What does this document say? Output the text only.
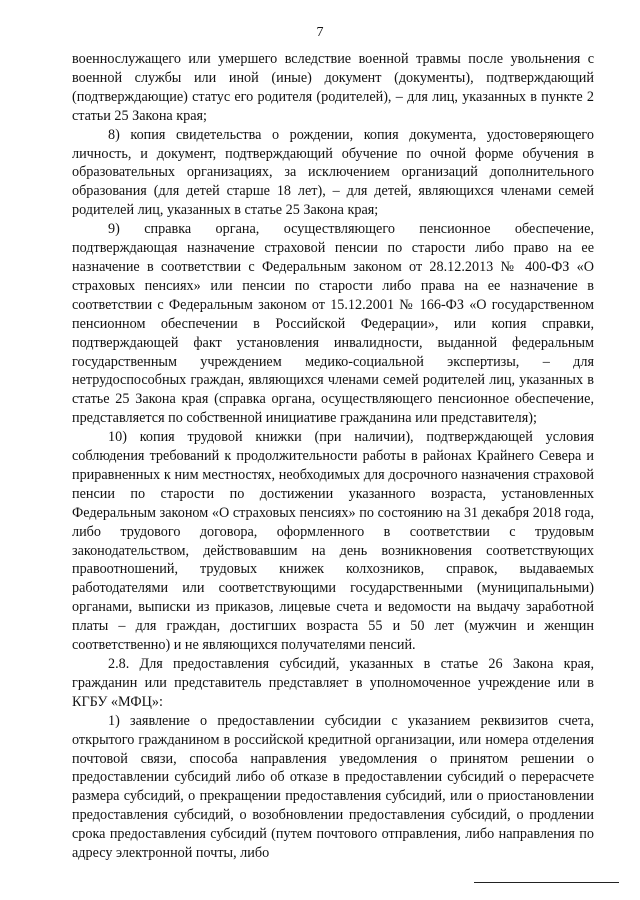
7

военнослужащего или умершего вследствие военной травмы после увольнения с военной службы или иной (иные) документ (документы), подтверждающий (подтверждающие) статус его родителя (родителей), – для лиц, указанных в пункте 2 статьи 25 Закона края;

8) копия свидетельства о рождении, копия документа, удостоверяющего личность, и документ, подтверждающий обучение по очной форме обучения в образовательных организациях, за исключением организаций дополнительного образования (для детей старше 18 лет), – для детей, являющихся членами семей родителей лиц, указанных в статье 25 Закона края;

9) справка органа, осуществляющего пенсионное обеспечение, подтверждающая назначение страховой пенсии по старости либо право на ее назначение в соответствии с Федеральным законом от 28.12.2013 № 400-ФЗ «О страховых пенсиях» или пенсии по старости либо права на ее назначение в соответствии с Федеральным законом от 15.12.2001 № 166-ФЗ «О государственном пенсионном обеспечении в Российской Федерации», или копия справки, подтверждающей факт установления инвалидности, выданной федеральным государственным учреждением медико-социальной экспертизы, – для нетрудоспособных граждан, являющихся членами семей родителей лиц, указанных в статье 25 Закона края (справка органа, осуществляющего пенсионное обеспечение, представляется по собственной инициативе гражданина или представителя);

10) копия трудовой книжки (при наличии), подтверждающей условия соблюдения требований к продолжительности работы в районах Крайнего Севера и приравненных к ним местностях, необходимых для досрочного назначения страховой пенсии по старости по достижении указанного возраста, установленных Федеральным законом «О страховых пенсиях» по состоянию на 31 декабря 2018 года, либо трудового договора, оформленного в соответствии с трудовым законодательством, действовавшим на день возникновения соответствующих правоотношений, трудовых книжек колхозников, справок, выдаваемых работодателями или соответствующими государственными (муниципальными) органами, выписки из приказов, лицевые счета и ведомости на выдачу заработной платы – для граждан, достигших возраста 55 и 50 лет (мужчин и женщин соответственно) и не являющихся получателями пенсий.

2.8. Для предоставления субсидий, указанных в статье 26 Закона края, гражданин или представитель представляет в уполномоченное учреждение или в КГБУ «МФЦ»:

1) заявление о предоставлении субсидии с указанием реквизитов счета, открытого гражданином в российской кредитной организации, или номера отделения почтовой связи, способа направления уведомления о принятом решении о предоставлении субсидий либо об отказе в предоставлении субсидий о перерасчете размера субсидий, о прекращении предоставления субсидий, или о приостановлении предоставления субсидий, о возобновлении предоставления субсидий, о продлении срока предоставления субсидий (путем почтового отправления, либо направления по адресу электронной почты, либо
